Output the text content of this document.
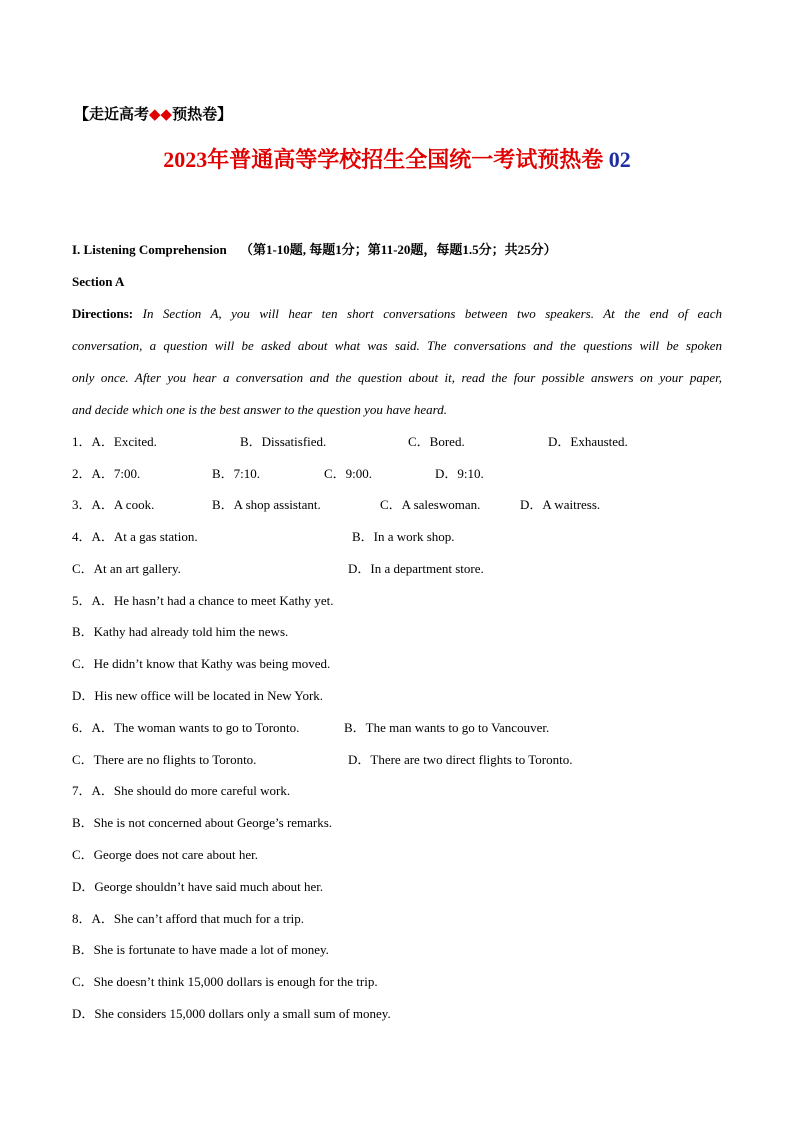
【走近高考◆◆预热卷】
2023年普通高等学校招生全国统一考试预热卷 02
I. Listening Comprehension （第1-10题, 每题1分；第11-20题，每题1.5分；共25分）
Section A
Directions: In Section A, you will hear ten short conversations between two speakers. At the end of each
conversation, a question will be asked about what was said. The conversations and the questions will be spoken
only once. After you hear a conversation and the question about it, read the four possible answers on your paper,
and decide which one is the best answer to the question you have heard.
1．A．Excited.	B．Dissatisfied.	C．Bored.	D．Exhausted.
2．A．7:00.	B．7:10.	C．9:00.	D．9:10.
3．A．A cook.	B．A shop assistant.	C．A saleswoman.	D．A waitress.
4．A．At a gas station.	B．In a work shop.
C．At an art gallery.	D．In a department store.
5．A．He hasn’t had a chance to meet Kathy yet.
B．Kathy had already told him the news.
C．He didn’t know that Kathy was being moved.
D．His new office will be located in New York.
6．A．The woman wants to go to Toronto.	B．The man wants to go to Vancouver.
C．There are no flights to Toronto.	D．There are two direct flights to Toronto.
7．A．She should do more careful work.
B．She is not concerned about George’s remarks.
C．George does not care about her.
D．George shouldn’t have said much about her.
8．A．She can’t afford that much for a trip.
B．She is fortunate to have made a lot of money.
C．She doesn’t think 15,000 dollars is enough for the trip.
D．She considers 15,000 dollars only a small sum of money.
